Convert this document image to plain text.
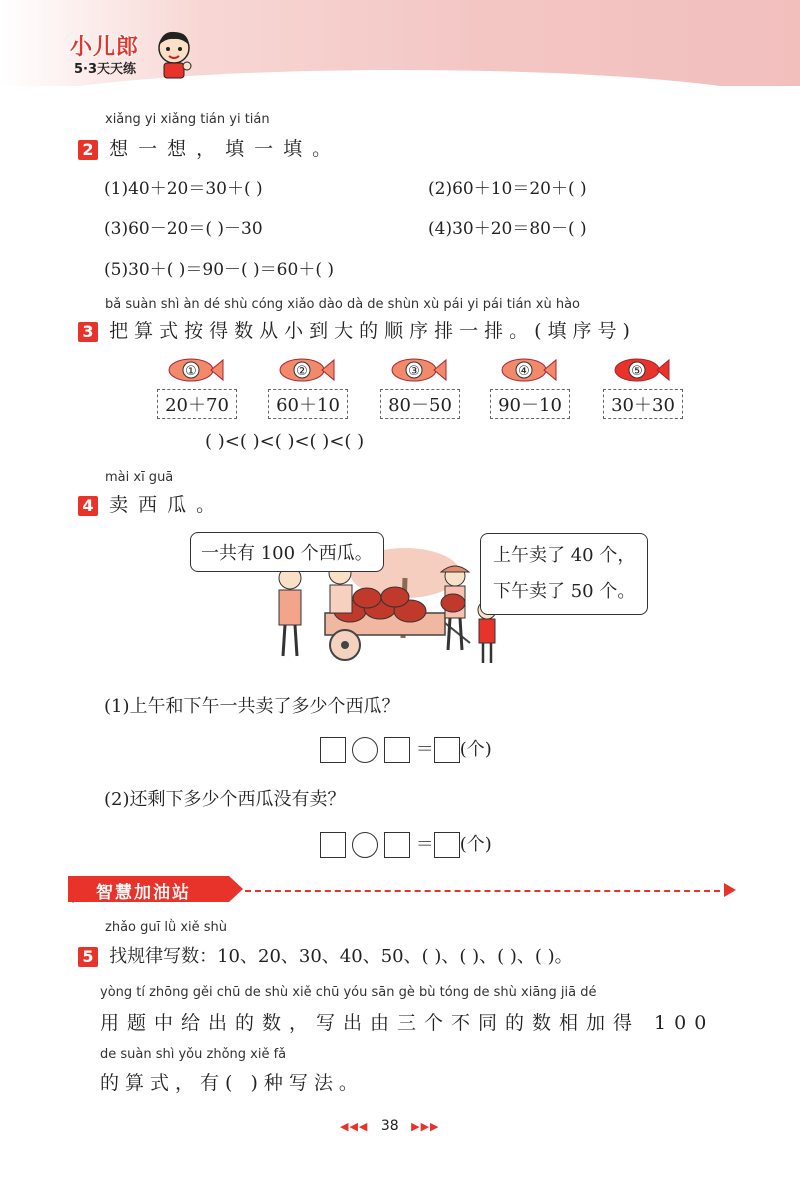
小儿郎
5·3天天练
xiǎng yi xiǎng tián yi tián
2 想一想，填一填。
(1)40＋20＝30＋( )	(2)60＋10＝20＋( )
(3)60－20＝( )－30	(4)30＋20＝80－( )
(5)30＋( )＝90－( )＝60＋( )
bǎ suàn shì àn dé shù cóng xiǎo dào dà de shùn xù pái yi pái tián xù hào
3 把算式按得数从小到大的顺序排一排。(填序号)
①
20＋70
②
60＋10
③
80－50
④
90－10
⑤
30＋30
( )<( )<( )<( )<( )
mài xī guā
4 卖西瓜。
一共有 100 个西瓜。	上午卖了 40 个，
下午卖了 50 个。
(1)上午和下午一共卖了多少个西瓜？
＝ (个)
(2)还剩下多少个西瓜没有卖？
＝ (个)
智慧加油站
zhǎo guī lǜ xiě shù
5 找规律写数：10、20、30、40、50、( )、( )、( )、( )。
yòng tí zhōng gěi chū de shù xiě chū yóu sān gè bù tóng de shù xiāng jiā dé
用题中给出的数，写出由三个不同的数相加得 100
de suàn shì yǒu zhǒng xiě fǎ
的算式，有( )种写法。
◀◀◀ 38 ▶▶▶
